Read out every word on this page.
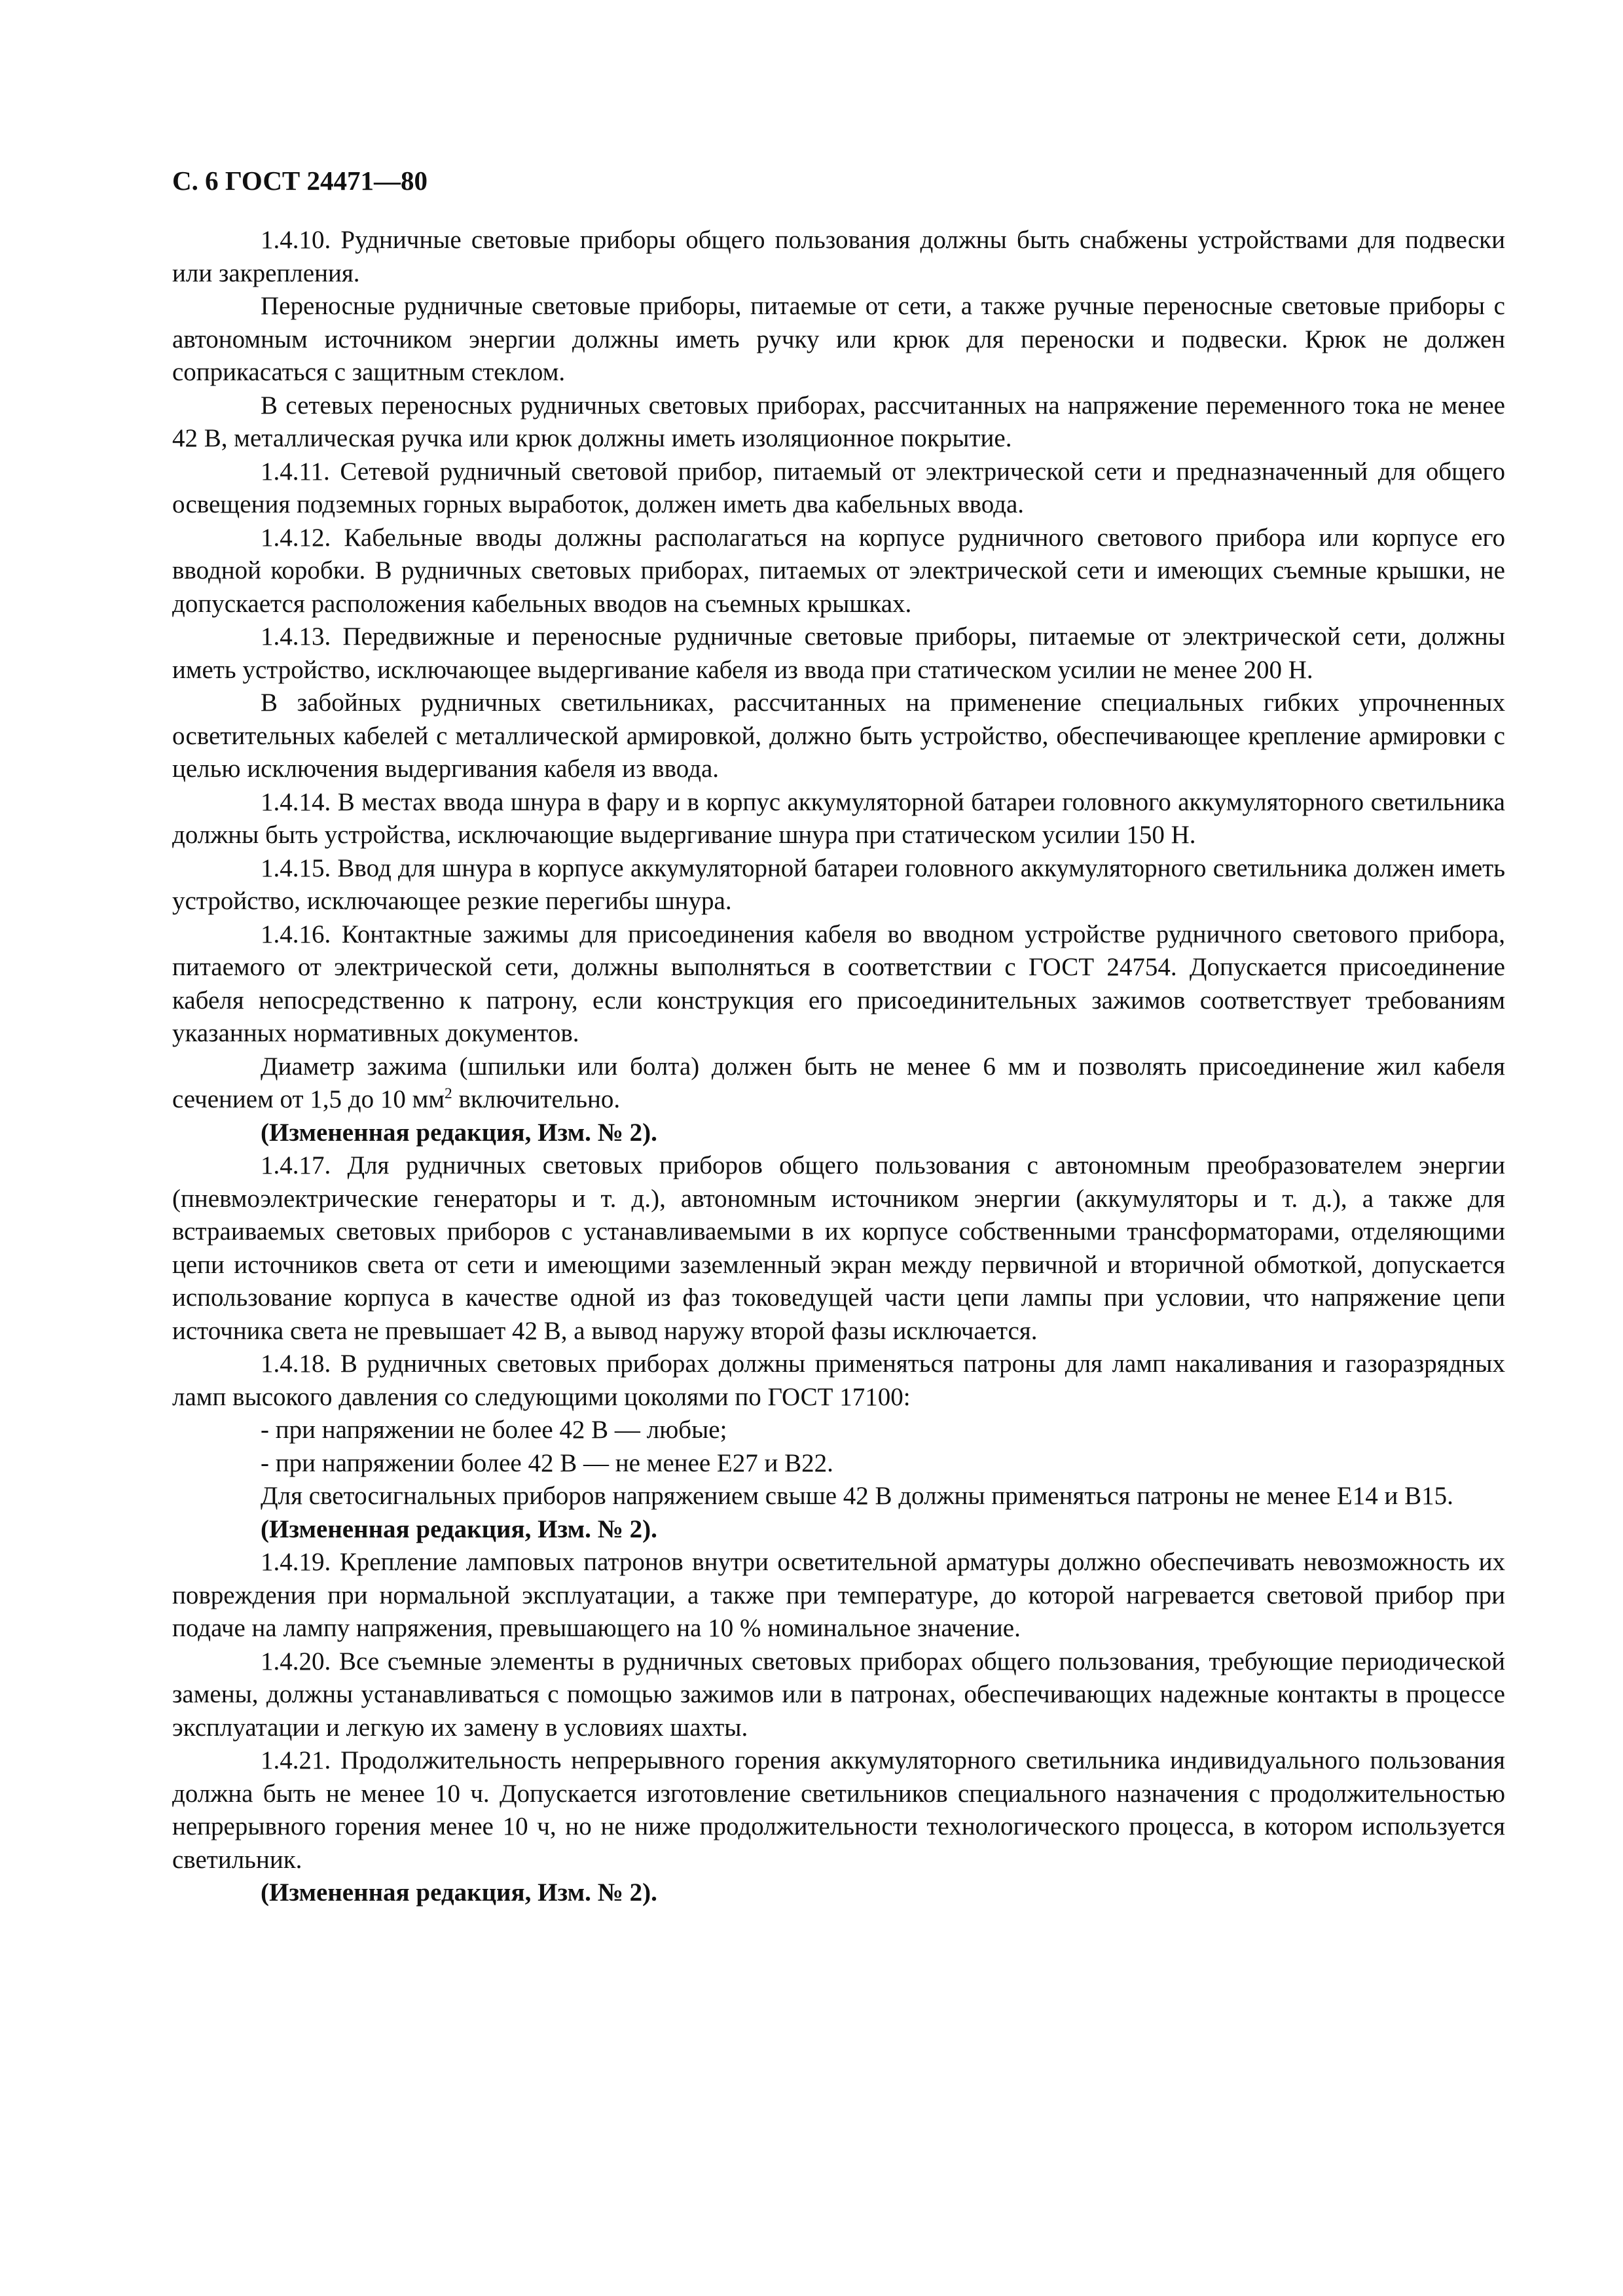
С. 6 ГОСТ 24471—80

1.4.10. Рудничные световые приборы общего пользования должны быть снабжены устройствами для подвески или закрепления.

Переносные рудничные световые приборы, питаемые от сети, а также ручные переносные световые приборы с автономным источником энергии должны иметь ручку или крюк для переноски и подвески. Крюк не должен соприкасаться с защитным стеклом.

В сетевых переносных рудничных световых приборах, рассчитанных на напряжение переменного тока не менее 42 В, металлическая ручка или крюк должны иметь изоляционное покрытие.

1.4.11. Сетевой рудничный световой прибор, питаемый от электрической сети и предназначенный для общего освещения подземных горных выработок, должен иметь два кабельных ввода.

1.4.12. Кабельные вводы должны располагаться на корпусе рудничного светового прибора или корпусе его вводной коробки. В рудничных световых приборах, питаемых от электрической сети и имеющих съемные крышки, не допускается расположения кабельных вводов на съемных крышках.

1.4.13. Передвижные и переносные рудничные световые приборы, питаемые от электрической сети, должны иметь устройство, исключающее выдергивание кабеля из ввода при статическом усилии не менее 200 Н.

В забойных рудничных светильниках, рассчитанных на применение специальных гибких упрочненных осветительных кабелей с металлической армировкой, должно быть устройство, обеспечивающее крепление армировки с целью исключения выдергивания кабеля из ввода.

1.4.14. В местах ввода шнура в фару и в корпус аккумуляторной батареи головного аккумуляторного светильника должны быть устройства, исключающие выдергивание шнура при статическом усилии 150 Н.

1.4.15. Ввод для шнура в корпусе аккумуляторной батареи головного аккумуляторного светильника должен иметь устройство, исключающее резкие перегибы шнура.

1.4.16. Контактные зажимы для присоединения кабеля во вводном устройстве рудничного светового прибора, питаемого от электрической сети, должны выполняться в соответствии с ГОСТ 24754. Допускается присоединение кабеля непосредственно к патрону, если конструкция его присоединительных зажимов соответствует требованиям указанных нормативных документов.

Диаметр зажима (шпильки или болта) должен быть не менее 6 мм и позволять присоединение жил кабеля сечением от 1,5 до 10 $мм^2$ включительно.

(Измененная редакция, Изм. № 2).

1.4.17. Для рудничных световых приборов общего пользования с автономным преобразователем энергии (пневмоэлектрические генераторы и т. д.), автономным источником энергии (аккумуляторы и т. д.), а также для встраиваемых световых приборов с устанавливаемыми в их корпусе собственными трансформаторами, отделяющими цепи источников света от сети и имеющими заземленный экран между первичной и вторичной обмоткой, допускается использование корпуса в качестве одной из фаз токоведущей части цепи лампы при условии, что напряжение цепи источника света не превышает 42 В, а вывод наружу второй фазы исключается.

1.4.18. В рудничных световых приборах должны применяться патроны для ламп накаливания и газоразрядных ламп высокого давления со следующими цоколями по ГОСТ 17100:

- при напряжении не более 42 В — любые;

- при напряжении более 42 В — не менее Е27 и В22.

Для светосигнальных приборов напряжением свыше 42 В должны применяться патроны не менее Е14 и В15.

(Измененная редакция, Изм. № 2).

1.4.19. Крепление ламповых патронов внутри осветительной арматуры должно обеспечивать невозможность их повреждения при нормальной эксплуатации, а также при температуре, до которой нагревается световой прибор при подаче на лампу напряжения, превышающего на 10 % номинальное значение.

1.4.20. Все съемные элементы в рудничных световых приборах общего пользования, требующие периодической замены, должны устанавливаться с помощью зажимов или в патронах, обеспечивающих надежные контакты в процессе эксплуатации и легкую их замену в условиях шахты.

1.4.21. Продолжительность непрерывного горения аккумуляторного светильника индивидуального пользования должна быть не менее 10 ч. Допускается изготовление светильников специального назначения с продолжительностью непрерывного горения менее 10 ч, но не ниже продолжительности технологического процесса, в котором используется светильник.

(Измененная редакция, Изм. № 2).
